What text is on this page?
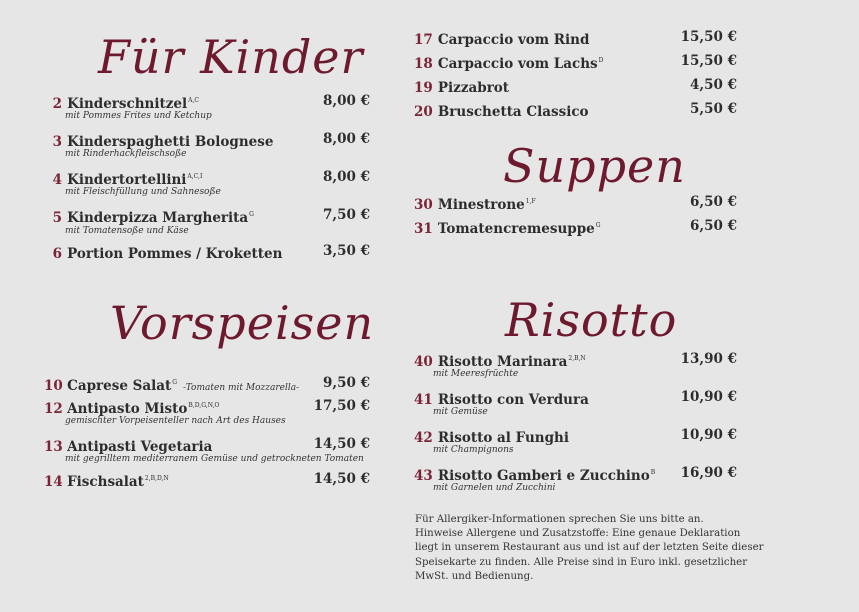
Für Kinder
Vorspeisen
Suppen
Risotto
2 Kinderschnitzel$^{A,C}$
mit Pommes Frites und Ketchup
8,00 €
3 Kinderspaghetti Bolognese
mit Rinderhackfleischsoße
8,00 €
4 Kindertortellini$^{A,C,I}$
mit Fleischfüllung und Sahnesoße
8,00 €
5 Kinderpizza Margherita$^G$
mit Tomatensoße und Käse
7,50 €
6 Portion Pommes / Kroketten	3,50 €
10 Caprese Salat$^G$-Tomaten mit Mozzarella-	9,50 €
12 Antipasto Misto$^{B,D,G,N,O}$
gemischter Vorpeisenteller nach Art des Hauses
17,50 €
13 Antipasti Vegetaria
mit gegrilltem mediterranem Gemüse und getrockneten Tomaten
14,50 €
14 Fischsalat$^{2,B,D,N}$	14,50 €
17 Carpaccio vom Rind	15,50 €
18 Carpaccio vom Lachs$^D$	15,50 €
19 Pizzabrot	4,50 €
20 Bruschetta Classico	5,50 €
30 Minestrone$^{1,F}$	6,50 €
31 Tomatencremesuppe$^G$	6,50 €
40 Risotto Marinara$^{2,B,N}$
mit Meeresfrüchte
13,90 €
41 Risotto con Verdura
mit Gemüse
10,90 €
42 Risotto al Funghi
mit Champignons
10,90 €
43 Risotto Gamberi e Zucchino$^B$
mit Garnelen und Zucchini
16,90 €
Für Allergiker-Informationen sprechen Sie uns bitte an.
Hinweise Allergene und Zusatzstoffe: Eine genaue Deklaration
liegt in unserem Restaurant aus und ist auf der letzten Seite dieser
Speisekarte zu finden. Alle Preise sind in Euro inkl. gesetzlicher
MwSt. und Bedienung.
